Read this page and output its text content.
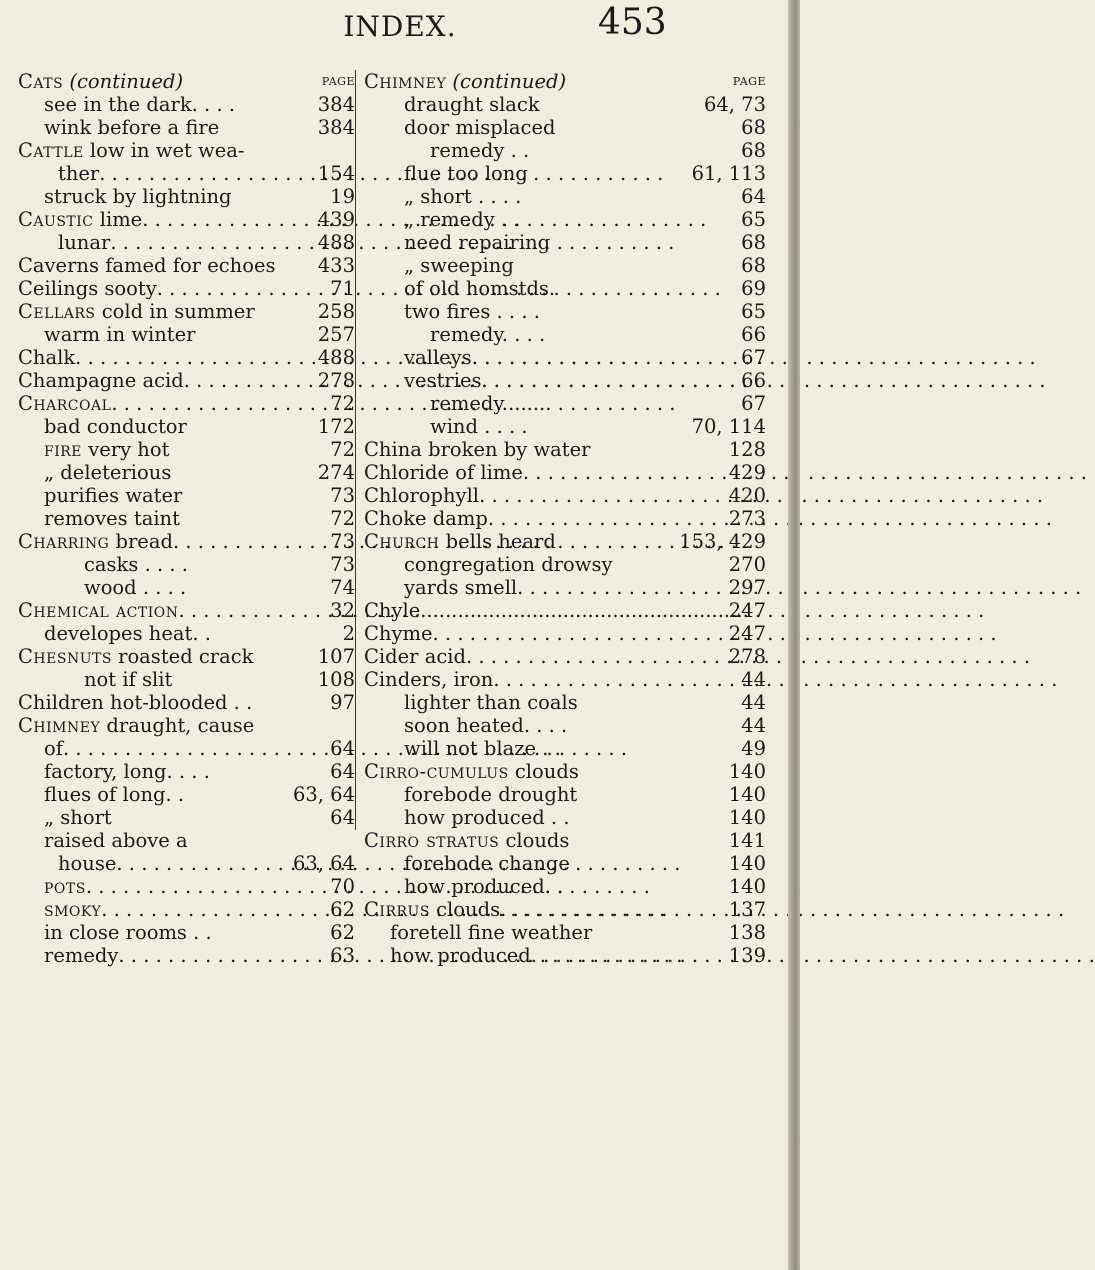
INDEX.	453
Cats (continued)	PAGE
see in the dark. . . .	384
wink before a fire	384
Cattle low in wet wea-
ther . . .	154
struck by lightning	19
Caustic lime . . .	439
lunar . . .	488
Caverns famed for echoes 433
Ceilings sooty . . .	71
Cellars cold in summer	258
warm in winter	257
Chalk . . .	488
Champagne acid . . .	278
Charcoal . . .	72
bad conductor	172
fire very hot	72
„ deleterious	274
purifies water	73
removes taint	72
Charring bread . . .	73
casks . . . .	73
wood . . . .	74
Chemical action . . .	32
developes heat. .	2
Chesnuts roasted crack	107
not if slit	108
Children hot-blooded . .	97
Chimney draught, cause
of . . .	64
factory, long. . . .	64
flues of long. .	63, 64
„ short	64
raised above a
house . . .	63, 64
pots . . .	70
smoky . . .	62
in close rooms . .	62
remedy . . .	63
Chimney (continued)	PAGE
draught slack	64, 73
door misplaced	68
remedy . .	68
flue too long	61, 113
„ short . . . .	64
„ remedy . .	65
need repairing	68
„ sweeping	68
of old homstds.	69
two fires . . . .	65
remedy. . . .	66
valleys . . .	67
vestries . . .	66
remedy. . . .	67
wind . . . .	70, 114
China broken by water	128
Chloride of lime . . .	429
Chlorophyll . . .	420
Choke damp . . .	273
Church bells heard	153, 429
congregation drowsy	270
yards smell . . .	297
Chyle . . .	247
Chyme . . .	247
Cider acid . . .	278
Cinders, iron . . .	44
lighter than coals	44
soon heated. . . .	44
will not blaze . .	49
Cirro-cumulus clouds	140
forebode drought	140
how produced . .	140
Cirro stratus clouds	141
forebode change	140
how produced. .	140
Cirrus clouds . . .	137
foretell fine weather	138
how produced . . .	139
